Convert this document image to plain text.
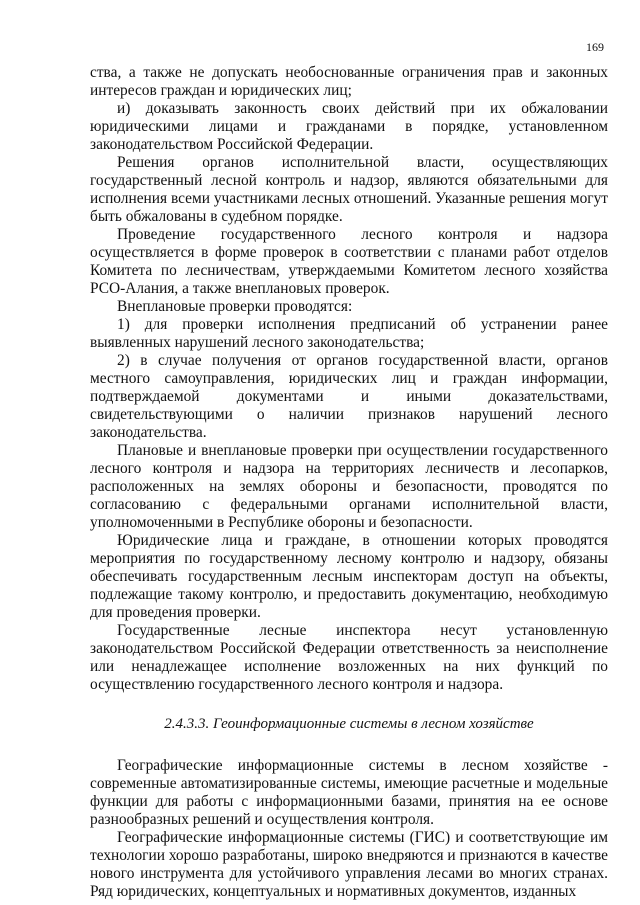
169

ства, а также не допускать необоснованные ограничения прав и законных интересов граждан и юридических лиц;

и) доказывать законность своих действий при их обжаловании юридическими лицами и гражданами в порядке, установленном законодательством Российской Федерации.

Решения органов исполнительной власти, осуществляющих государственный лесной контроль и надзор, являются обязательными для исполнения всеми участниками лесных отношений. Указанные решения могут быть обжалованы в судебном порядке.

Проведение государственного лесного контроля и надзора осуществляется в форме проверок в соответствии с планами работ отделов Комитета по лесничествам, утверждаемыми Комитетом лесного хозяйства РСО-Алания, а также внеплановых проверок.

Внеплановые проверки проводятся:

1) для проверки исполнения предписаний об устранении ранее выявленных нарушений лесного законодательства;

2) в случае получения от органов государственной власти, органов местного самоуправления, юридических лиц и граждан информации, подтверждаемой документами и иными доказательствами, свидетельствующими о наличии признаков нарушений лесного законодательства.

Плановые и внеплановые проверки при осуществлении государственного лесного контроля и надзора на территориях лесничеств и лесопарков, расположенных на землях обороны и безопасности, проводятся по согласованию с федеральными органами исполнительной власти, уполномоченными в Республике обороны и безопасности.

Юридические лица и граждане, в отношении которых проводятся мероприятия по государственному лесному контролю и надзору, обязаны обеспечивать государственным лесным инспекторам доступ на объекты, подлежащие такому контролю, и предоставить документацию, необходимую для проведения проверки.

Государственные лесные инспектора несут установленную законодательством Российской Федерации ответственность за неисполнение или ненадлежащее исполнение возложенных на них функций по осуществлению государственного лесного контроля и надзора.

2.4.3.3. Геоинформационные системы в лесном хозяйстве

Географические информационные системы в лесном хозяйстве - современные автоматизированные системы, имеющие расчетные и модельные функции для работы с информационными базами, принятия на ее основе разнообразных решений и осуществления контроля.

Географические информационные системы (ГИС) и соответствующие им технологии хорошо разработаны, широко внедряются и признаются в качестве нового инструмента для устойчивого управления лесами во многих странах. Ряд юридических, концептуальных и нормативных документов, изданных
